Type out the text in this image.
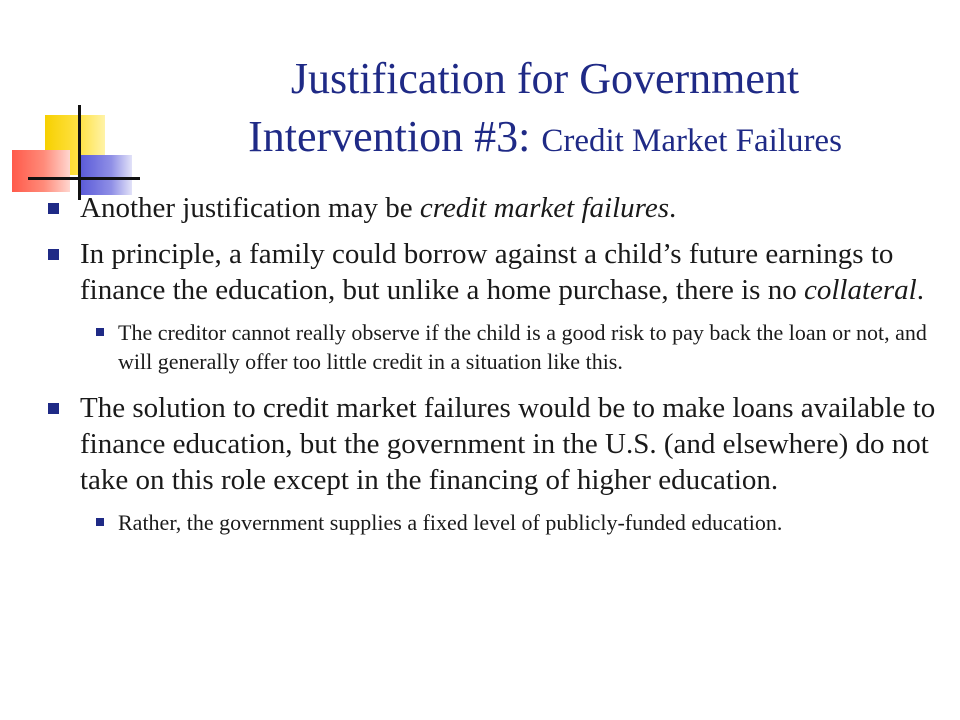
Justification for Government
Intervention #3: Credit Market Failures
Another justification may be credit market failures.
In principle, a family could borrow against a child’s future earnings to finance the education, but unlike a home purchase, there is no collateral.
The creditor cannot really observe if the child is a good risk to pay back the loan or not, and will generally offer too little credit in a situation like this.
The solution to credit market failures would be to make loans available to finance education, but the government in the U.S. (and elsewhere) do not take on this role except in the financing of higher education.
Rather, the government supplies a fixed level of publicly-funded education.
